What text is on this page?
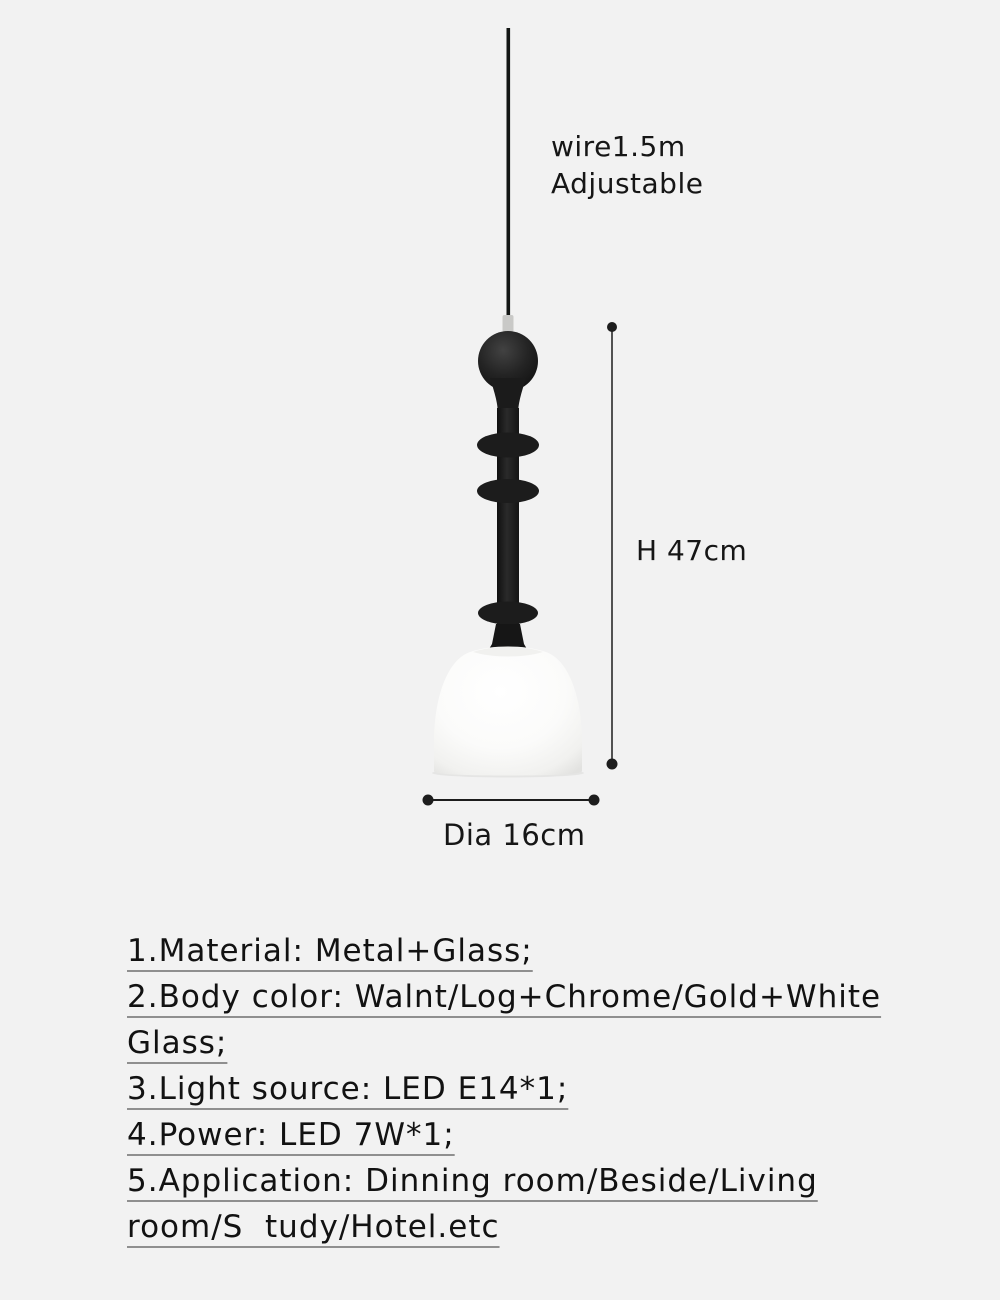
wire1.5m
Adjustable
H 47cm
Dia 16cm
1.Material: Metal+Glass;
2.Body color: Walnt/Log+Chrome/Gold+White
Glass;
3.Light source: LED E14*1;
4.Power: LED 7W*1;
5.Application: Dinning room/Beside/Living
room/S  tudy/Hotel.etc
